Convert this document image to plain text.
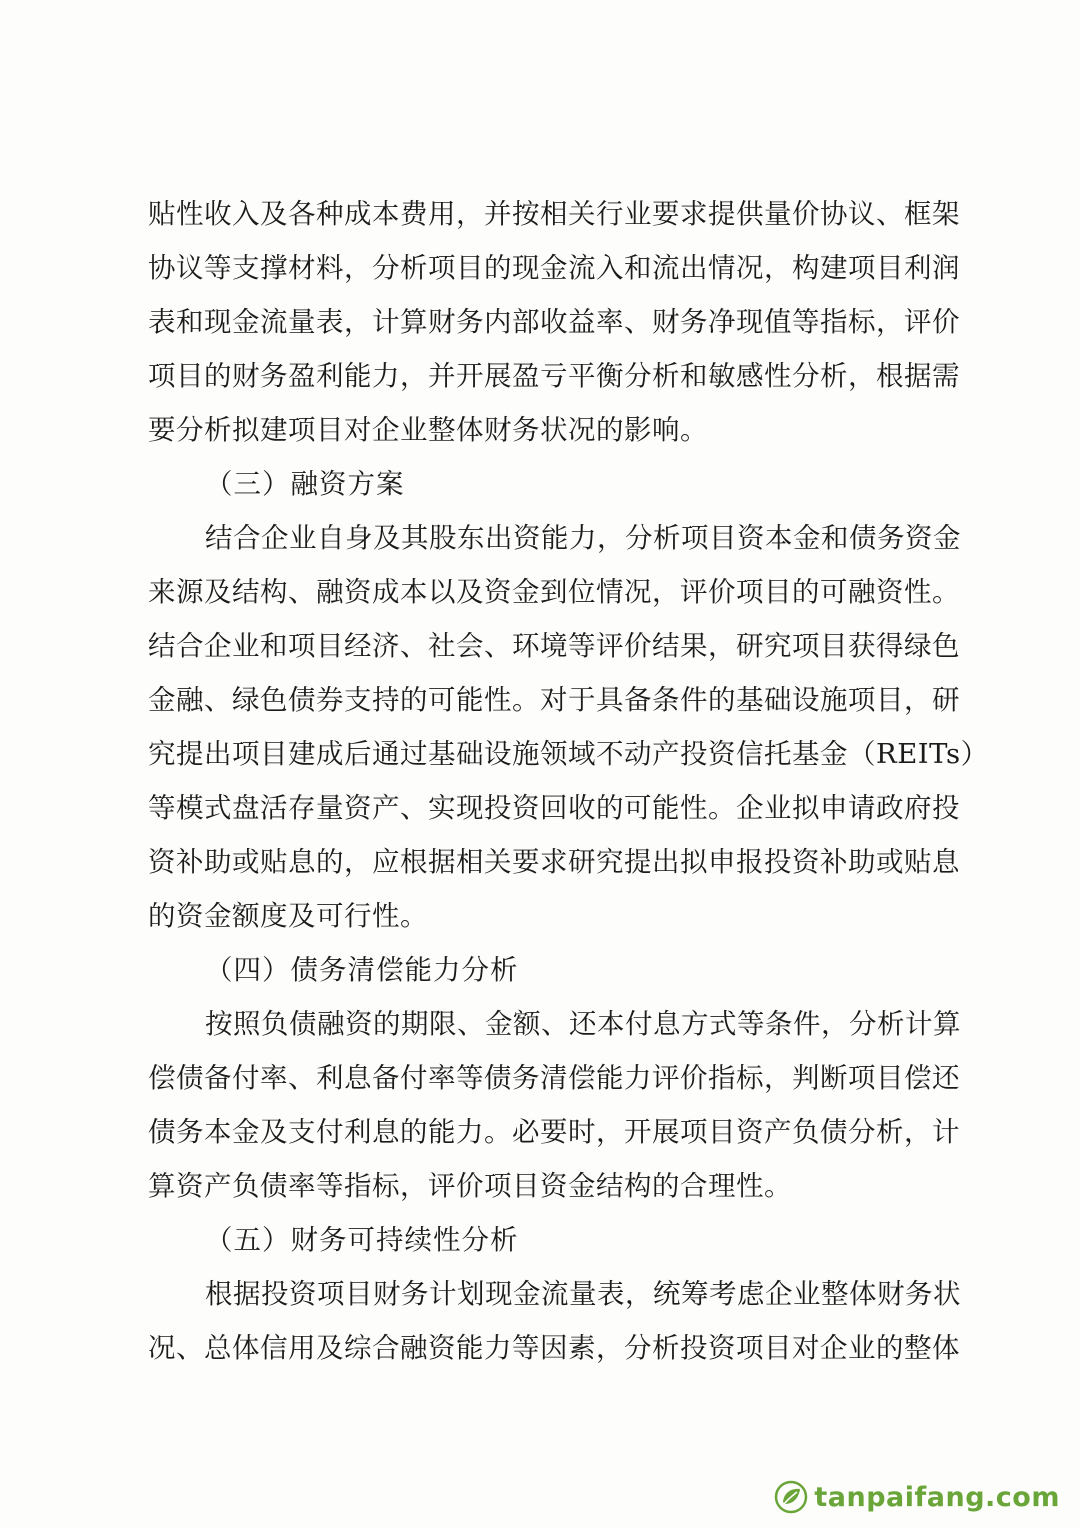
贴性收入及各种成本费用，并按相关行业要求提供量价协议、框架
协议等支撑材料，分析项目的现金流入和流出情况，构建项目利润
表和现金流量表，计算财务内部收益率、财务净现值等指标，评价
项目的财务盈利能力，并开展盈亏平衡分析和敏感性分析，根据需
要分析拟建项目对企业整体财务状况的影响。
（三）融资方案
结合企业自身及其股东出资能力，分析项目资本金和债务资金
来源及结构、融资成本以及资金到位情况，评价项目的可融资性。
结合企业和项目经济、社会、环境等评价结果，研究项目获得绿色
金融、绿色债券支持的可能性。对于具备条件的基础设施项目，研
究提出项目建成后通过基础设施领域不动产投资信托基金（REITs）
等模式盘活存量资产、实现投资回收的可能性。企业拟申请政府投
资补助或贴息的，应根据相关要求研究提出拟申报投资补助或贴息
的资金额度及可行性。
（四）债务清偿能力分析
按照负债融资的期限、金额、还本付息方式等条件，分析计算
偿债备付率、利息备付率等债务清偿能力评价指标，判断项目偿还
债务本金及支付利息的能力。必要时，开展项目资产负债分析，计
算资产负债率等指标，评价项目资金结构的合理性。
（五）财务可持续性分析
根据投资项目财务计划现金流量表，统筹考虑企业整体财务状
况、总体信用及综合融资能力等因素，分析投资项目对企业的整体
tanpaifang.com
